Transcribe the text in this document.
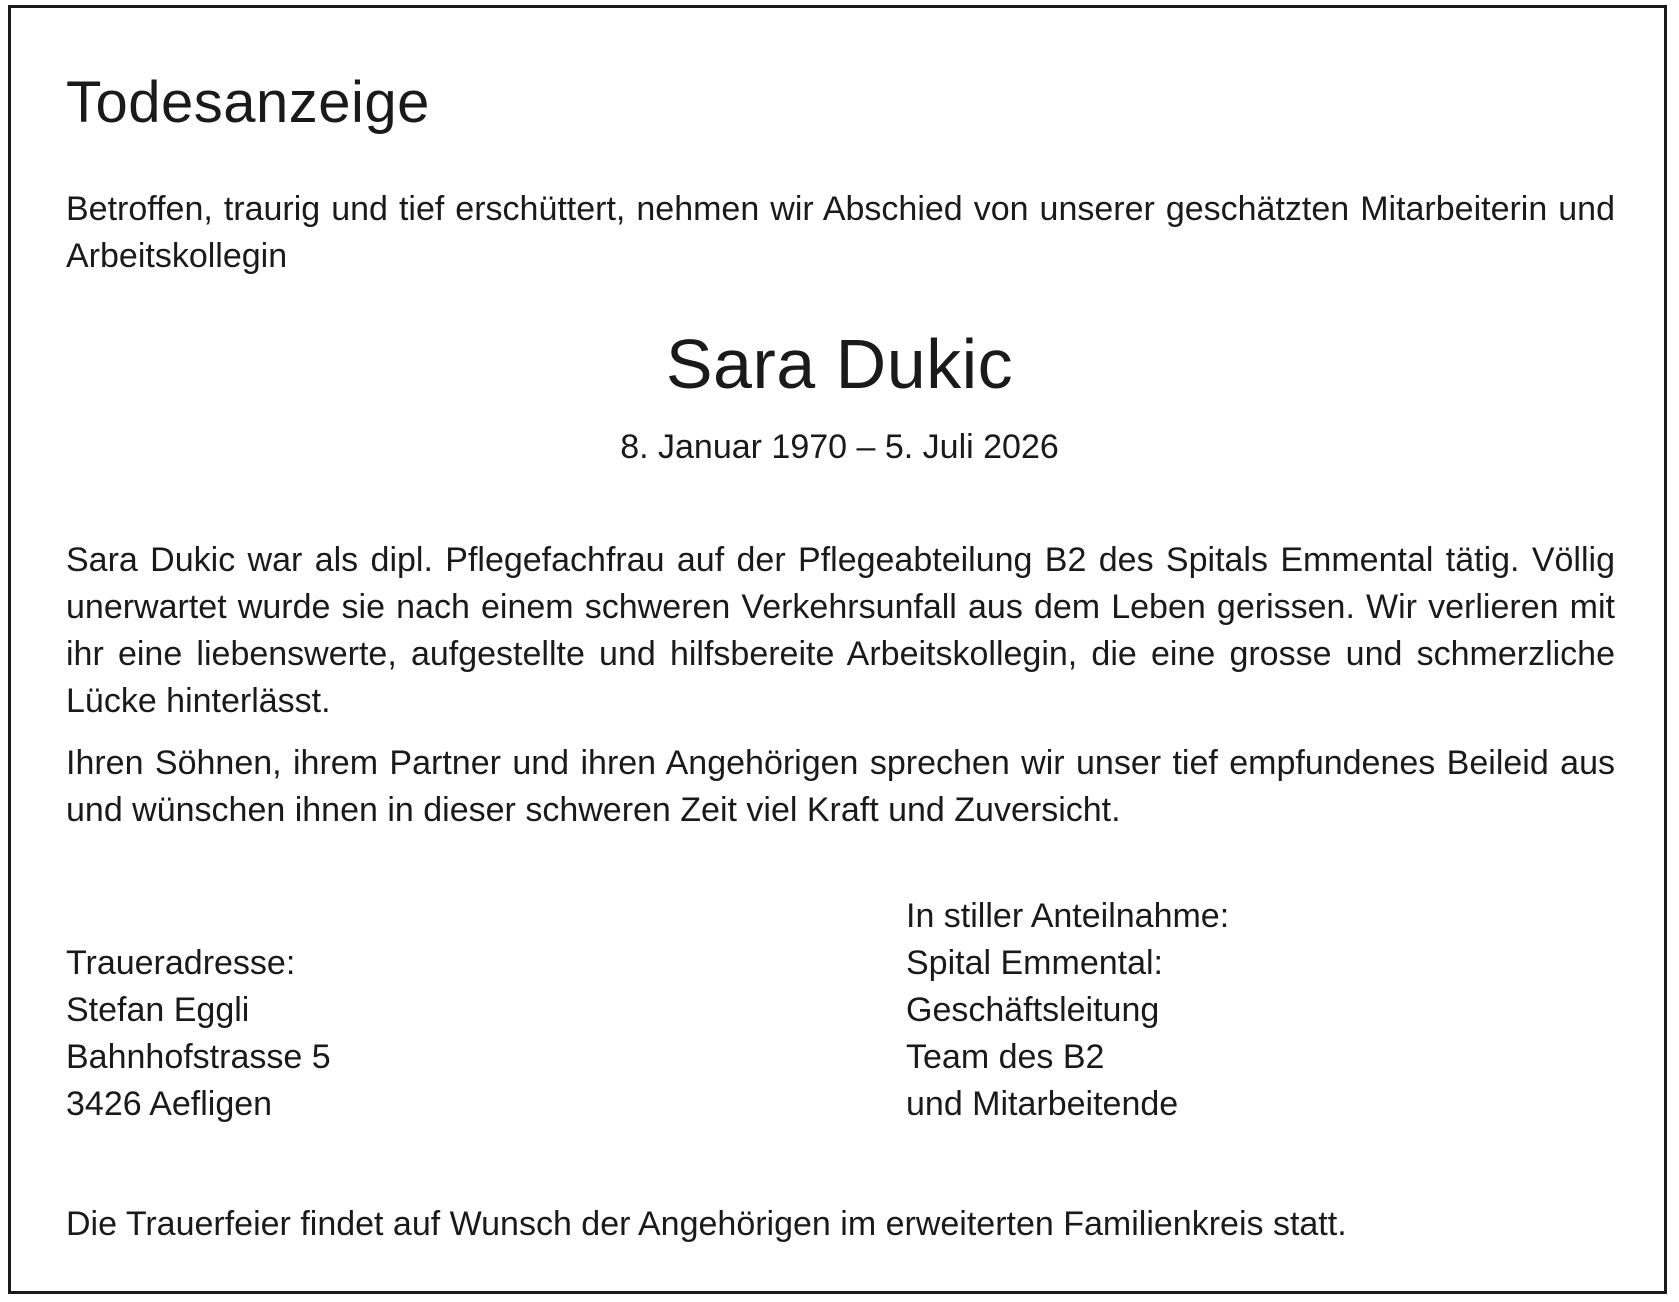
Todesanzeige
Betroffen, traurig und tief erschüttert, nehmen wir Abschied von unserer geschätzten Mitarbeiterin und Arbeitskollegin
Sara Dukic
8. Januar 1970 – 5. Juli 2026
Sara Dukic war als dipl. Pflegefachfrau auf der Pflegeabteilung B2 des Spitals Emmental tätig. Völlig unerwartet wurde sie nach einem schweren Verkehrsunfall aus dem Leben gerissen. Wir verlieren mit ihr eine liebenswerte, aufgestellte und hilfsbereite Arbeitskollegin, die eine grosse und schmerzliche Lücke hinterlässt.
Ihren Söhnen, ihrem Partner und ihren Angehörigen sprechen wir unser tief empfundenes Beileid aus und wünschen ihnen in dieser schweren Zeit viel Kraft und Zuversicht.
Traueradresse:
Stefan Eggli
Bahnhofstrasse 5
3426 Aefligen
In stiller Anteilnahme:
Spital Emmental:
Geschäftsleitung
Team des B2
und Mitarbeitende
Die Trauerfeier findet auf Wunsch der Angehörigen im erweiterten Familienkreis statt.
